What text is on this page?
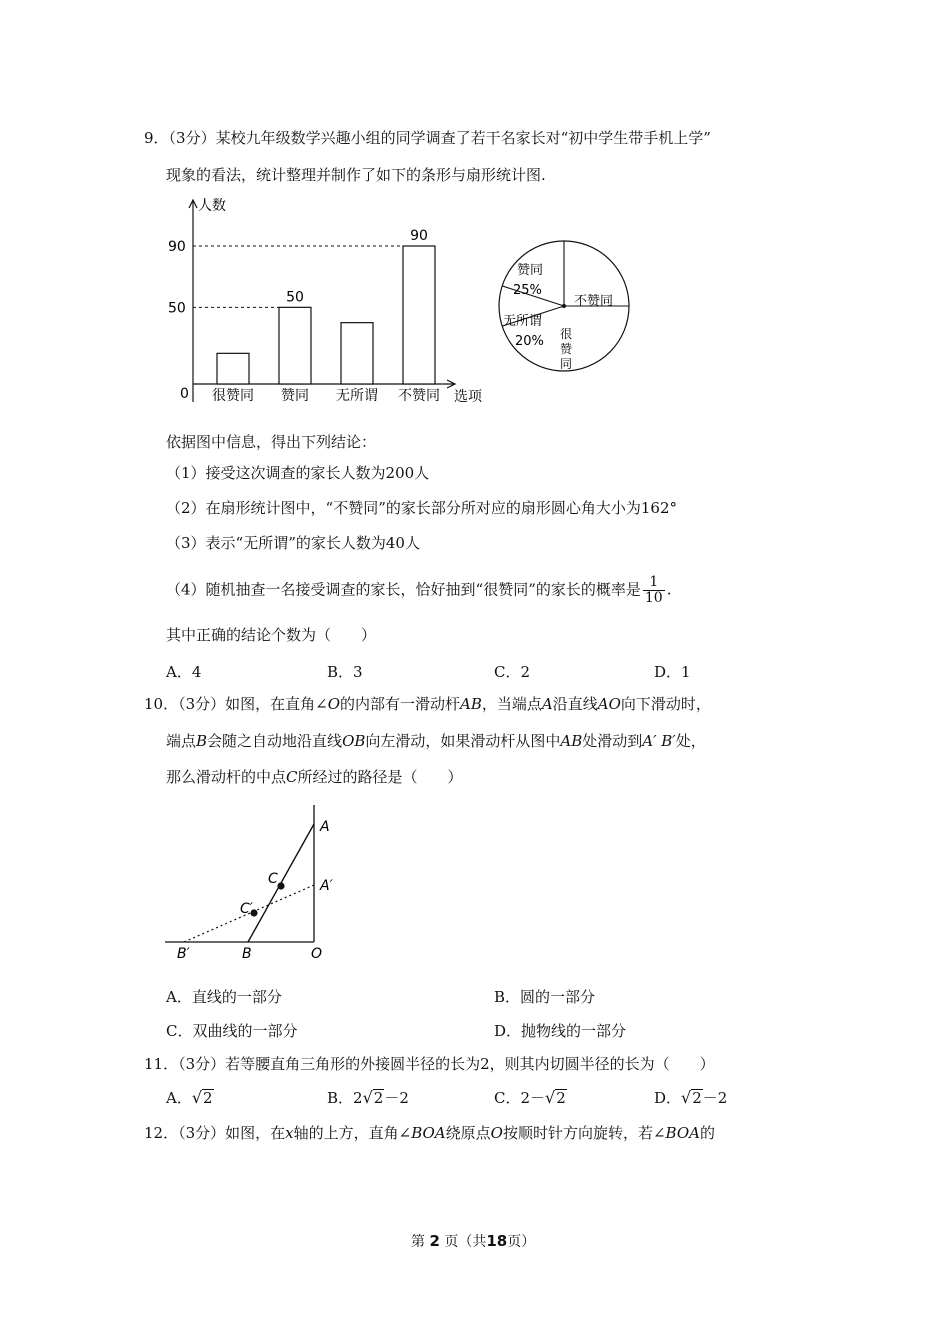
9．（3分）某校九年级数学兴趣小组的同学调查了若干名家长对“初中学生带手机上学”
现象的看法，统计整理并制作了如下的条形与扇形统计图.
人数
选项
0
50
90
很赞同 赞同
50
无所谓 不赞同
90
赞同
25%
不赞同
无所谓
20% 很赞同
依据图中信息，得出下列结论：
（1）接受这次调查的家长人数为200人
（2）在扇形统计图中，“不赞同”的家长部分所对应的扇形圆心角大小为162°
（3）表示“无所谓”的家长人数为40人
（4）随机抽查一名接受调查的家长，恰好抽到“很赞同”的家长的概率是 $\frac{1}{10}$ .
其中正确的结论个数为（　　）
A．4	B．3	C．2	D．1
10．（3分）如图，在直角∠O的内部有一滑动杆AB，当端点A沿直线AO向下滑动时，
端点B会随之自动地沿直线OB向左滑动，如果滑动杆从图中AB处滑动到A′ B′处，
那么滑动杆的中点C所经过的路径是（　　）
A
A′
C
C′
B
B′	O
A．直线的一部分	B．圆的一部分
C．双曲线的一部分	D．抛物线的一部分
11．（3分）若等腰直角三角形的外接圆半径的长为2，则其内切圆半径的长为（　　）
A．√2	B．2√2－2	C．2－√2	D．√2－2
12．（3分）如图，在x轴的上方，直角∠BOA绕原点O按顺时针方向旋转，若∠BOA的
第 2 页（共18页）
